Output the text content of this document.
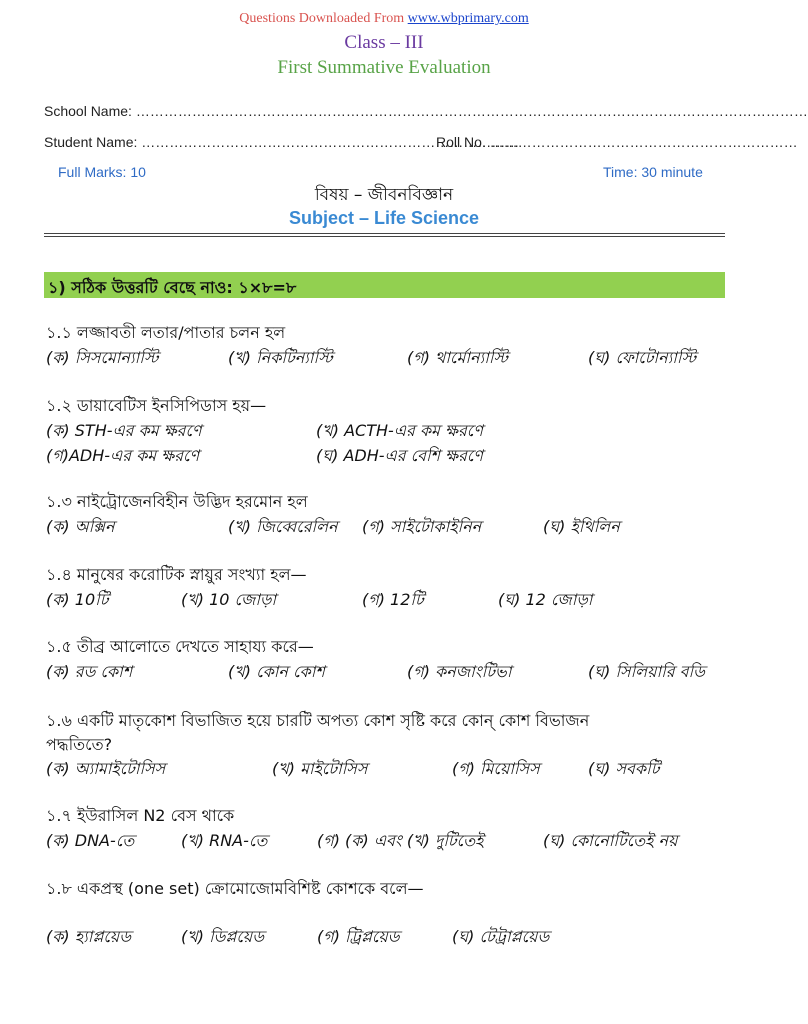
Questions Downloaded From www.wbprimary.com
Class – III
First Summative Evaluation
School Name: ………………………………………………………………………………………………………………………………
Student Name: ………………………………………………………………………
Roll No. …………………………………………………………
Full Marks: 10	Time: 30 minute
বিষয় – জীবনবিজ্ঞান
Subject – Life Science
১) সঠিক উত্তরটি বেছে নাও: ১×৮=৮
১.১ লজ্জাবতী লতার/পাতার চলন হল
(ক) সিসমোন্যাস্টি	(খ) নিকটিন্যাস্টি	(গ) থার্মোন্যাস্টি	(ঘ) ফোটোন্যাস্টি
১.২ ডায়াবেটিস ইনসিপিডাস হয়—
(ক) STH-এর কম ক্ষরণে	(খ) ACTH-এর কম ক্ষরণে
(গ)ADH-এর কম ক্ষরণে	(ঘ) ADH-এর বেশি ক্ষরণে
১.৩ নাইট্রোজেনবিহীন উদ্ভিদ হরমোন হল
(ক) অক্সিন	(খ) জিব্বেরেলিন (গ) সাইটোকাইনিন	(ঘ) ইথিলিন
১.৪ মানুষের করোটিক স্নায়ুর সংখ্যা হল—
(ক) 10টি	(খ) 10 জোড়া	(গ) 12টি	(ঘ) 12 জোড়া
১.৫ তীব্র আলোতে দেখতে সাহায্য করে—
(ক) রড কোশ	(খ) কোন কোশ	(গ) কনজাংটিভা	(ঘ) সিলিয়ারি বডি
১.৬ একটি মাতৃকোশ বিভাজিত হয়ে চারটি অপত্য কোশ সৃষ্টি করে কোন্ কোশ বিভাজন
পদ্ধতিতে?
(ক) অ্যামাইটোসিস	(খ) মাইটোসিস	(গ) মিয়োসিস	(ঘ) সবকটি
১.৭ ইউরাসিল N2 বেস থাকে
(ক) DNA-তে	(খ) RNA-তে	(গ) (ক) এবং (খ) দুটিতেই	(ঘ) কোনোটিতেই নয়
১.৮ একপ্রস্থ (one set) ক্রোমোজোমবিশিষ্ট কোশকে বলে—
(ক) হ্যাপ্লয়েড	(খ) ডিপ্লয়েড	(গ) ট্রিপ্লয়েড	(ঘ) টেট্রাপ্লয়েড
